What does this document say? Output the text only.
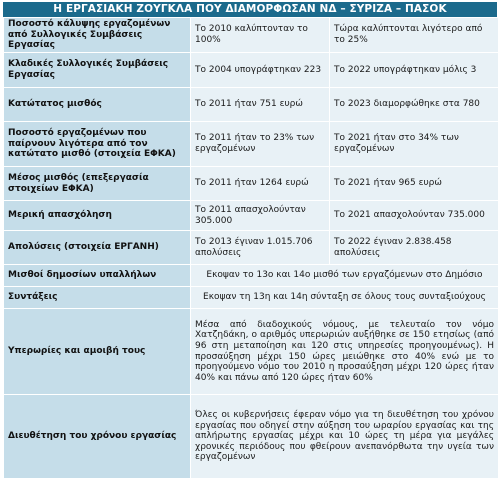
Η ΕΡΓΑΣΙΑΚΗ ΖΟΥΓΚΛΑ ΠΟΥ ΔΙΑΜΟΡΦΩΣΑΝ ΝΔ – ΣΥΡΙΖΑ – ΠΑΣΟΚ
Ποσοστό κάλυψης εργαζομένων από Συλλογικές Συμβάσεις Εργασίας	Το 2010 καλύπτονταν το 100%	Τώρα καλύπτονται λιγότερο από το 25%
Κλαδικές Συλλογικές Συμβάσεις Εργασίας	Το 2004 υπογράφτηκαν 223	Το 2022 υπογράφτηκαν μόλις 3
Κατώτατος μισθός	Το 2011 ήταν 751 ευρώ	Το 2023 διαμορφώθηκε στα 780
Ποσοστό εργαζομένων που παίρνουν λιγότερα από τον κατώτατο μισθό (στοιχεία ΕΦΚΑ)	Το 2011 ήταν το 23% των εργαζομένων	Το 2021 ήταν στο 34% των εργαζομένων
Μέσος μισθός (επεξεργασία στοιχείων ΕΦΚΑ)	Το 2011 ήταν 1264 ευρώ	Το 2021 ήταν 965 ευρώ
Μερική απασχόληση	Το 2011 απασχολούνταν 305.000	Το 2021 απασχολούνταν 735.000
Απολύσεις (στοιχεία ΕΡΓΑΝΗ)	Το 2013 έγιναν 1.015.706 απολύσεις	Το 2022 έγιναν 2.838.458 απολύσεις
Μισθοί δημοσίων υπαλλήλων	Εκοψαν το 13ο και 14ο μισθό των εργαζόμενων στο Δημόσιο	
Συντάξεις	Εκοψαν τη 13η και 14η σύνταξη σε όλους τους συνταξιούχους	
Υπερωρίες και αμοιβή τους	Μέσα από διαδοχικούς νόμους, με τελευταίο τον νόμο Χατζηδάκη, ο αριθμός υπερωριών αυξήθηκε σε 150 ετησίως (από 96 στη μεταποίηση και 120 στις υπηρεσίες προηγουμένως). Η προσαύξηση μέχρι 150 ώρες μειώθηκε στο 40% ενώ με το προηγούμενο νόμο του 2010 η προσαύξηση μέχρι 120 ώρες ήταν 40% και πάνω από 120 ώρες ήταν 60%	
Διευθέτηση του χρόνου εργασίας	Όλες οι κυβερνήσεις έφεραν νόμο για τη διευθέτηση του χρόνου εργασίας που οδηγεί στην αύξηση του ωραρίου εργασίας και της απλήρωτης εργασίας μέχρι και 10 ώρες τη μέρα για μεγάλες χρονικές περιόδους που φθείρουν ανεπανόρθωτα την υγεία των εργαζομένων	
